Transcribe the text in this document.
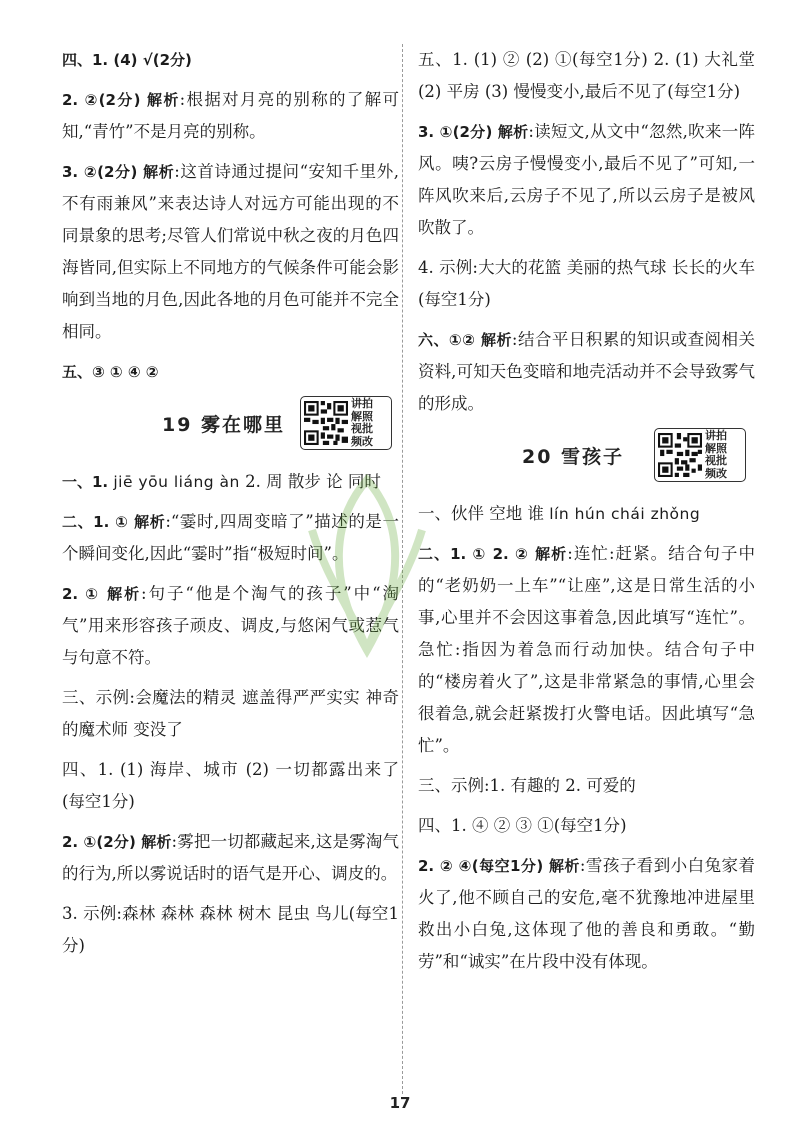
四、1. (4) √(2分)

2. ②(2分) 解析:根据对月亮的别称的了解可知,“青竹”不是月亮的别称。

3. ②(2分) 解析:这首诗通过提问“安知千里外,不有雨兼风”来表达诗人对远方可能出现的不同景象的思考;尽管人们常说中秋之夜的月色四海皆同,但实际上不同地方的气候条件可能会影响到当地的月色,因此各地的月色可能并不完全相同。

五、③ ① ④ ②

19 雾在哪里
讲 拍
解 照
视 批
频 改

一、1. jiē yōu liáng àn 2. 周 散步 论 同时

二、1. ① 解析:“霎时,四周变暗了”描述的是一个瞬间变化,因此“霎时”指“极短时间”。

2. ① 解析:句子“他是个淘气的孩子”中“淘气”用来形容孩子顽皮、调皮,与悠闲气或惹气与句意不符。

三、示例:会魔法的精灵 遮盖得严严实实 神奇的魔术师 变没了

四、1. (1) 海岸、城市 (2) 一切都露出来了(每空1分)

2. ①(2分) 解析:雾把一切都藏起来,这是雾淘气的行为,所以雾说话时的语气是开心、调皮的。

3. 示例:森林 森林 森林 树木 昆虫 鸟儿(每空1分)

五、1. (1) ② (2) ①(每空1分) 2. (1) 大礼堂 (2) 平房 (3) 慢慢变小,最后不见了(每空1分)

3. ①(2分) 解析:读短文,从文中“忽然,吹来一阵风。咦?云房子慢慢变小,最后不见了”可知,一阵风吹来后,云房子不见了,所以云房子是被风吹散了。

4. 示例:大大的花篮 美丽的热气球 长长的火车(每空1分)

六、①② 解析:结合平日积累的知识或查阅相关资料,可知天色变暗和地壳活动并不会导致雾气的形成。

20 雪孩子
讲 拍
解 照
视 批
频 改

一、伙伴 空地 谁 lín hún chái zhǒng

二、1. ① 2. ② 解析:连忙:赶紧。结合句子中的“老奶奶一上车”“让座”,这是日常生活的小事,心里并不会因这事着急,因此填写“连忙”。急忙:指因为着急而行动加快。结合句子中的“楼房着火了”,这是非常紧急的事情,心里会很着急,就会赶紧拨打火警电话。因此填写“急忙”。

三、示例:1. 有趣的 2. 可爱的

四、1. ④ ② ③ ①(每空1分)

2. ② ④(每空1分) 解析:雪孩子看到小白兔家着火了,他不顾自己的安危,毫不犹豫地冲进屋里救出小白兔,这体现了他的善良和勇敢。“勤劳”和“诚实”在片段中没有体现。

17
